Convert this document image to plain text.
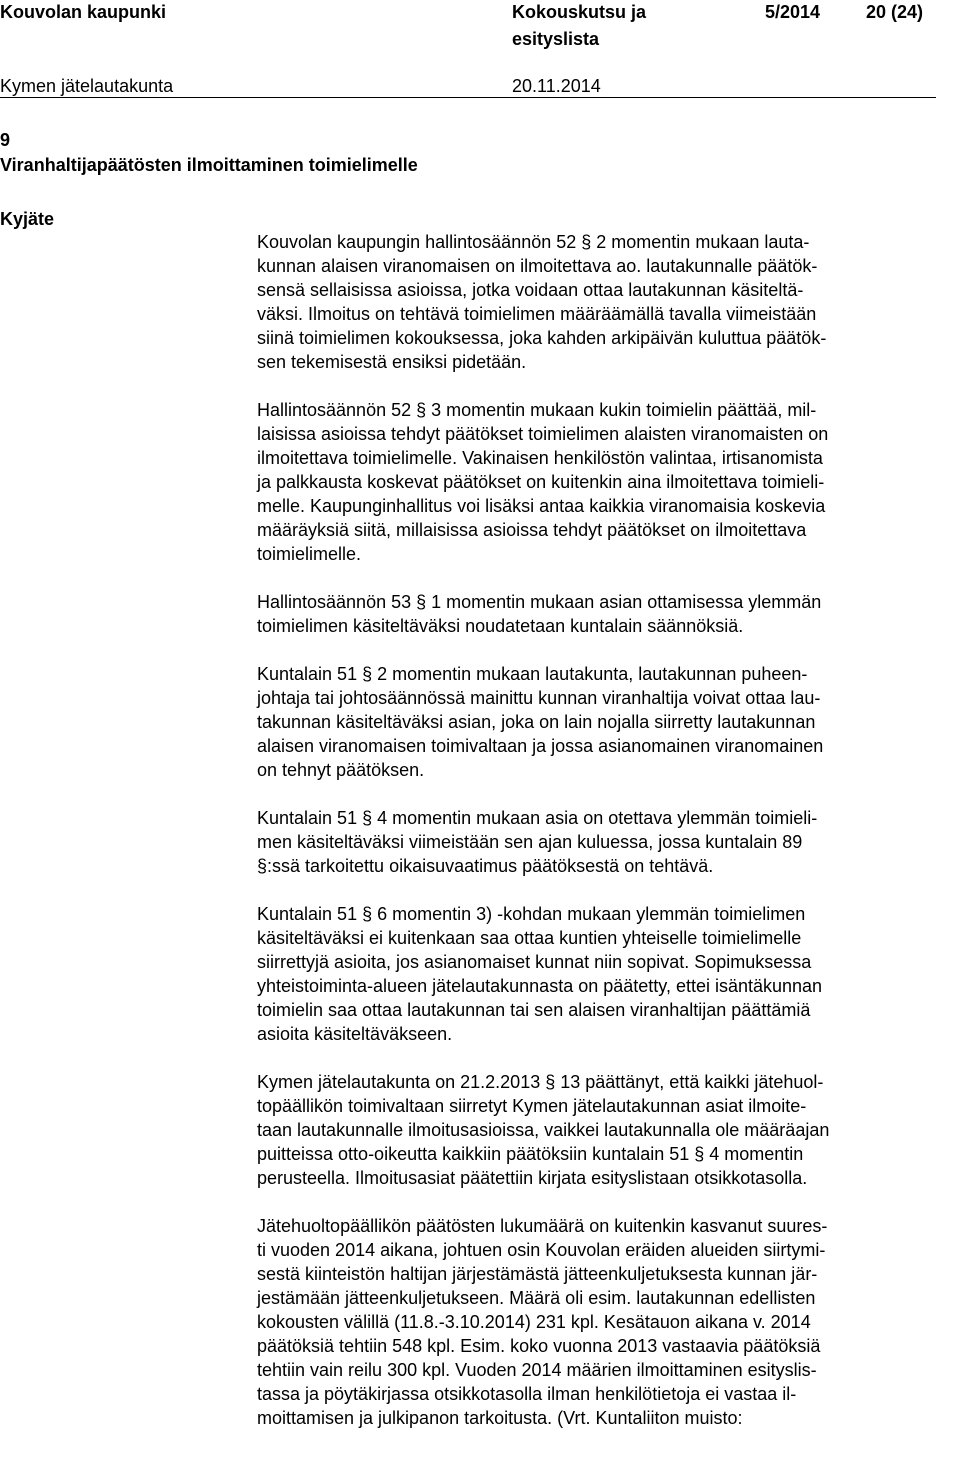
Kouvolan kaupunki	Kokouskutsu ja
esityslista
5/2014	20 (24)
Kymen jätelautakunta	20.11.2014
9
Viranhaltijapäätösten ilmoittaminen toimielimelle
Kyjäte

Kouvolan kaupungin hallintosäännön 52 § 2 momentin mukaan lauta-
kunnan alaisen viranomaisen on ilmoitettava ao. lautakunnalle päätök-
sensä sellaisissa asioissa, jotka voidaan ottaa lautakunnan käsiteltä-
väksi. Ilmoitus on tehtävä toimielimen määräämällä tavalla viimeistään
siinä toimielimen kokouksessa, joka kahden arkipäivän kuluttua päätök-
sen tekemisestä ensiksi pidetään.

Hallintosäännön 52 § 3 momentin mukaan kukin toimielin päättää, mil-
laisissa asioissa tehdyt päätökset toimielimen alaisten viranomaisten on
ilmoitettava toimielimelle. Vakinaisen henkilöstön valintaa, irtisanomista
ja palkkausta koskevat päätökset on kuitenkin aina ilmoitettava toimieli-
melle. Kaupunginhallitus voi lisäksi antaa kaikkia viranomaisia koskevia
määräyksiä siitä, millaisissa asioissa tehdyt päätökset on ilmoitettava
toimielimelle.

Hallintosäännön 53 § 1 momentin mukaan asian ottamisessa ylemmän
toimielimen käsiteltäväksi noudatetaan kuntalain säännöksiä.

Kuntalain 51 § 2 momentin mukaan lautakunta, lautakunnan puheen-
johtaja tai johtosäännössä mainittu kunnan viranhaltija voivat ottaa lau-
takunnan käsiteltäväksi asian, joka on lain nojalla siirretty lautakunnan
alaisen viranomaisen toimivaltaan ja jossa asianomainen viranomainen
on tehnyt päätöksen.

Kuntalain 51 § 4 momentin mukaan asia on otettava ylemmän toimieli-
men käsiteltäväksi viimeistään sen ajan kuluessa, jossa kuntalain 89
§:ssä tarkoitettu oikaisuvaatimus päätöksestä on tehtävä.

Kuntalain 51 § 6 momentin 3) -kohdan mukaan ylemmän toimielimen
käsiteltäväksi ei kuitenkaan saa ottaa kuntien yhteiselle toimielimelle
siirrettyjä asioita, jos asianomaiset kunnat niin sopivat. Sopimuksessa
yhteistoiminta-alueen jätelautakunnasta on päätetty, ettei isäntäkunnan
toimielin saa ottaa lautakunnan tai sen alaisen viranhaltijan päättämiä
asioita käsiteltäväkseen.

Kymen jätelautakunta on 21.2.2013 § 13 päättänyt, että kaikki jätehuol-
topäällikön toimivaltaan siirretyt Kymen jätelautakunnan asiat ilmoite-
taan lautakunnalle ilmoitusasioissa, vaikkei lautakunnalla ole määräajan
puitteissa otto-oikeutta kaikkiin päätöksiin kuntalain 51 § 4 momentin
perusteella. Ilmoitusasiat päätettiin kirjata esityslistaan otsikkotasolla.

Jätehuoltopäällikön päätösten lukumäärä on kuitenkin kasvanut suures-
ti vuoden 2014 aikana, johtuen osin Kouvolan eräiden alueiden siirtymi-
sestä kiinteistön haltijan järjestämästä jätteenkuljetuksesta kunnan jär-
jestämään jätteenkuljetukseen. Määrä oli esim. lautakunnan edellisten
kokousten välillä (11.8.-3.10.2014) 231 kpl. Kesätauon aikana v. 2014
päätöksiä tehtiin 548 kpl. Esim. koko vuonna 2013 vastaavia päätöksiä
tehtiin vain reilu 300 kpl. Vuoden 2014 määrien ilmoittaminen esityslis-
tassa ja pöytäkirjassa otsikkotasolla ilman henkilötietoja ei vastaa il-
moittamisen ja julkipanon tarkoitusta. (Vrt. Kuntaliiton muisto:
